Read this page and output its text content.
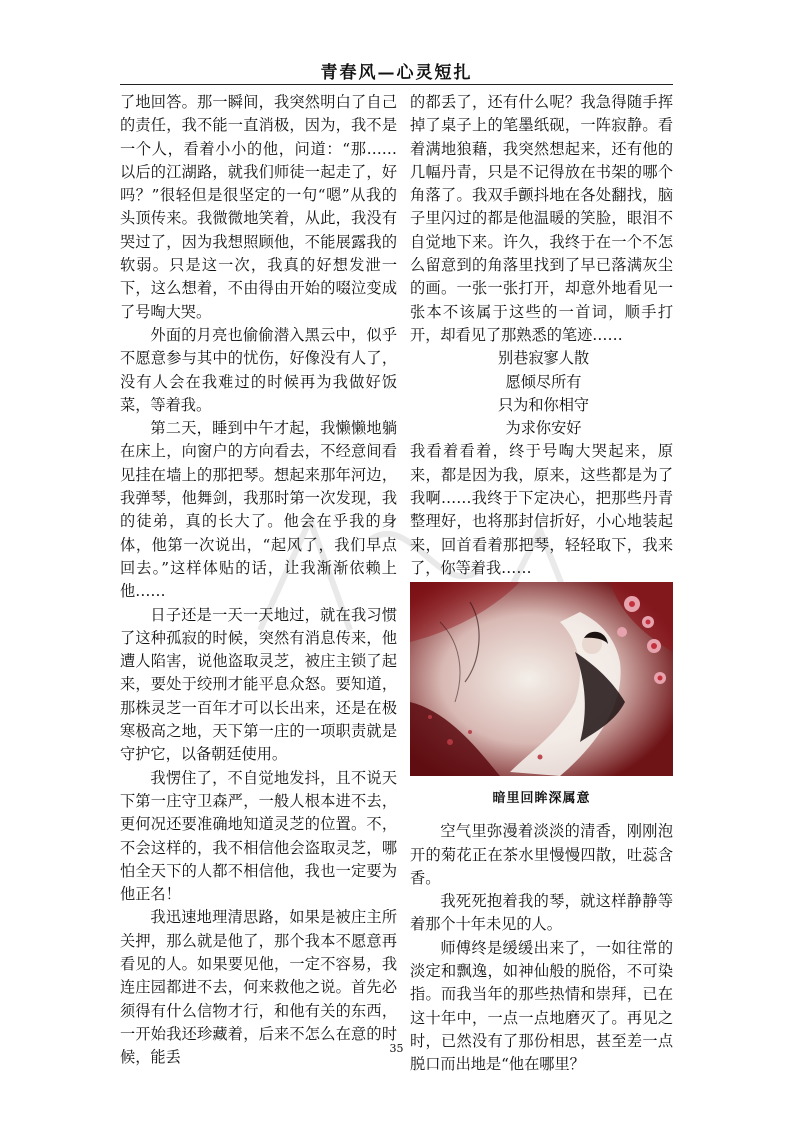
青春风—心灵短扎

了地回答。那一瞬间，我突然明白了自己的责任，我不能一直消极，因为，我不是一个人，看着小小的他，问道：“那……以后的江湖路，就我们师徒一起走了，好吗？”很轻但是很坚定的一句“嗯”从我的头顶传来。我微微地笑着，从此，我没有哭过了，因为我想照顾他，不能展露我的软弱。只是这一次，我真的好想发泄一下，这么想着，不由得由开始的啜泣变成了号啕大哭。

外面的月亮也偷偷潜入黑云中，似乎不愿意参与其中的忧伤，好像没有人了，没有人会在我难过的时候再为我做好饭菜，等着我。

第二天，睡到中午才起，我懒懒地躺在床上，向窗户的方向看去，不经意间看见挂在墙上的那把琴。想起来那年河边，我弹琴，他舞剑，我那时第一次发现，我的徒弟，真的长大了。他会在乎我的身体，他第一次说出，“起风了，我们早点回去。”这样体贴的话，让我渐渐依赖上他……

日子还是一天一天地过，就在我习惯了这种孤寂的时候，突然有消息传来，他遭人陷害，说他盗取灵芝，被庄主锁了起来，要处于绞刑才能平息众怒。要知道，那株灵芝一百年才可以长出来，还是在极寒极高之地，天下第一庄的一项职责就是守护它，以备朝廷使用。

我愣住了，不自觉地发抖，且不说天下第一庄守卫森严，一般人根本进不去，更何况还要准确地知道灵芝的位置。不，不会这样的，我不相信他会盗取灵芝，哪怕全天下的人都不相信他，我也一定要为他正名！

我迅速地理清思路，如果是被庄主所关押，那么就是他了，那个我本不愿意再看见的人。如果要见他，一定不容易，我连庄园都进不去，何来救他之说。首先必须得有什么信物才行，和他有关的东西，一开始我还珍藏着，后来不怎么在意的时候，能丢

的都丢了，还有什么呢？我急得随手挥掉了桌子上的笔墨纸砚，一阵寂静。看着满地狼藉，我突然想起来，还有他的几幅丹青，只是不记得放在书架的哪个角落了。我双手颤抖地在各处翻找，脑子里闪过的都是他温暖的笑脸，眼泪不自觉地下来。许久，我终于在一个不怎么留意到的角落里找到了早已落满灰尘的画。一张一张打开，却意外地看见一张本不该属于这些的一首词，顺手打开，却看见了那熟悉的笔迹……

别巷寂寥人散
愿倾尽所有
只为和你相守
为求你安好

我看着看着，终于号啕大哭起来，原来，都是因为我，原来，这些都是为了我啊……我终于下定决心，把那些丹青整理好，也将那封信折好，小心地装起来，回首看着那把琴，轻轻取下，我来了，你等着我……

暗里回眸深属意

空气里弥漫着淡淡的清香，刚刚泡开的菊花正在茶水里慢慢四散，吐蕊含香。

我死死抱着我的琴，就这样静静等着那个十年未见的人。

师傅终是缓缓出来了，一如往常的淡定和飘逸，如神仙般的脱俗，不可染指。而我当年的那些热情和崇拜，已在这十年中，一点一点地磨灭了。再见之时，已然没有了那份相思，甚至差一点脱口而出地是“他在哪里？

35
